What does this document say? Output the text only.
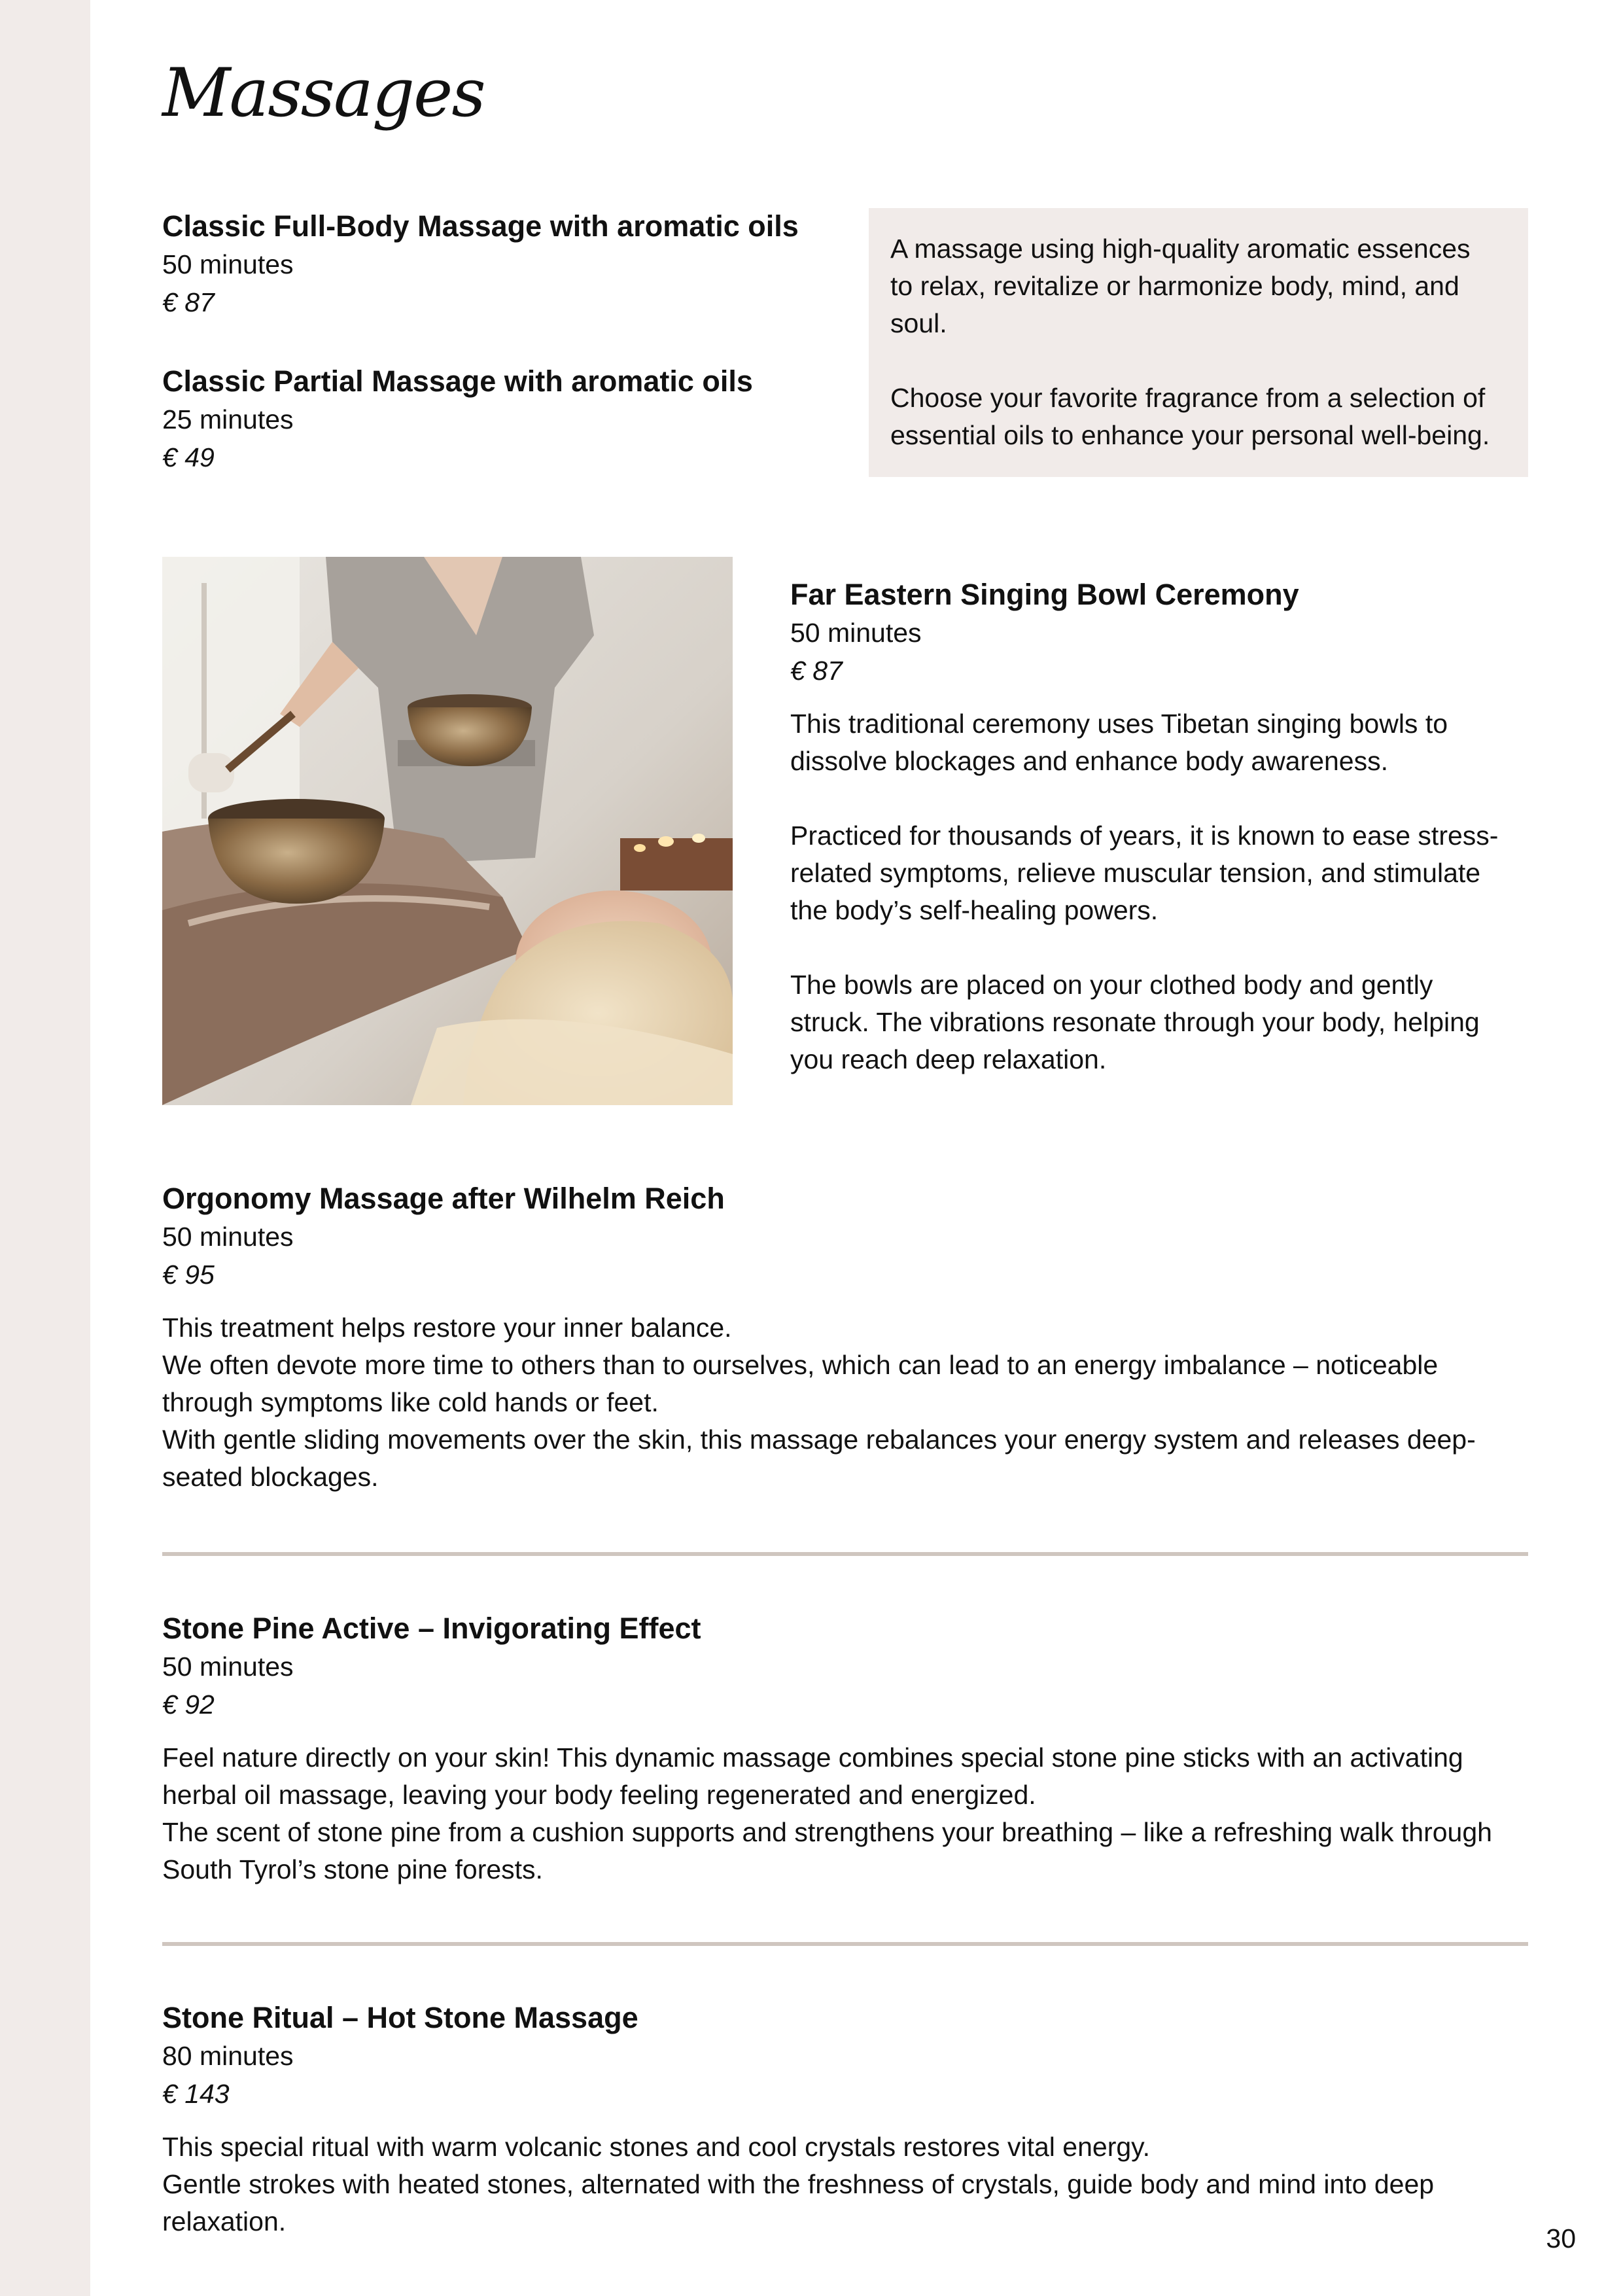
Massages
Classic Full-Body Massage with aromatic oils
50 minutes
€ 87
Classic Partial Massage with aromatic oils
25 minutes
€ 49
A massage using high-quality aromatic essences
to relax, revitalize or harmonize body, mind, and
soul.
Choose your favorite fragrance from a selection of
essential oils to enhance your personal well-being.
Far Eastern Singing Bowl Ceremony
50 minutes
€ 87
This traditional ceremony uses Tibetan singing bowls to
dissolve blockages and enhance body awareness.
Practiced for thousands of years, it is known to ease stress-
related symptoms, relieve muscular tension, and stimulate
the body’s self-healing powers.
The bowls are placed on your clothed body and gently
struck. The vibrations resonate through your body, helping
you reach deep relaxation.
Orgonomy Massage after Wilhelm Reich
50 minutes
€ 95
This treatment helps restore your inner balance.
We often devote more time to others than to ourselves, which can lead to an energy imbalance – noticeable
through symptoms like cold hands or feet.
With gentle sliding movements over the skin, this massage rebalances your energy system and releases deep-
seated blockages.
Stone Pine Active – Invigorating Effect
50 minutes
€ 92
Feel nature directly on your skin! This dynamic massage combines special stone pine sticks with an activating
herbal oil massage, leaving your body feeling regenerated and energized.
The scent of stone pine from a cushion supports and strengthens your breathing – like a refreshing walk through
South Tyrol’s stone pine forests.
Stone Ritual – Hot Stone Massage
80 minutes
€ 143
This special ritual with warm volcanic stones and cool crystals restores vital energy.
Gentle strokes with heated stones, alternated with the freshness of crystals, guide body and mind into deep
relaxation.
30
